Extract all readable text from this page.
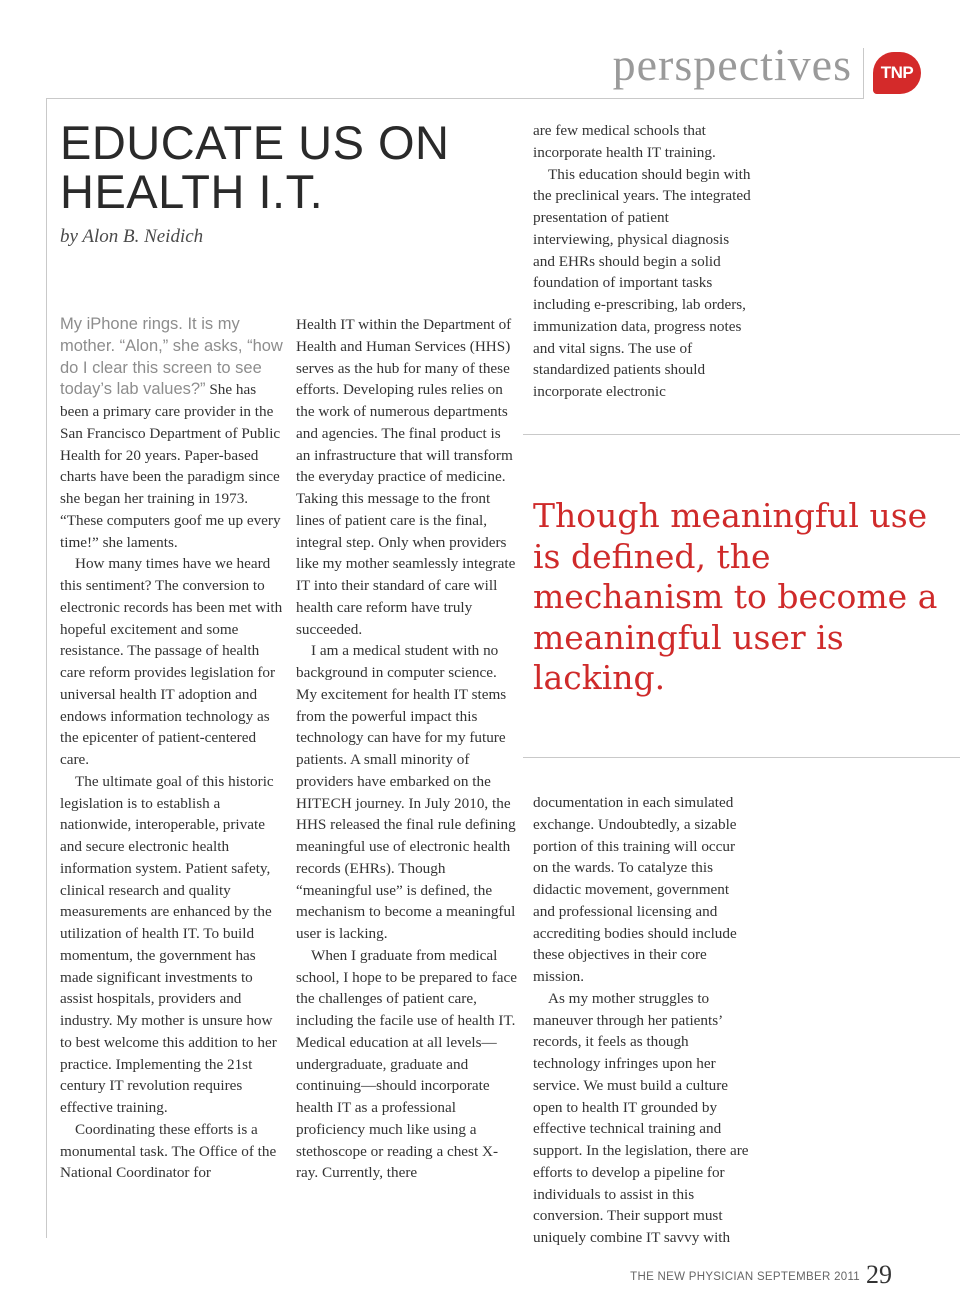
perspectives	TNP
EDUCATE US ON
HEALTH I.T.
by Alon B. Neidich

My iPhone rings. It is my mother. “Alon,” she asks, “how do I clear this screen to see today’s lab values?” She has been a primary care provider in the San Francisco Department of Public Health for 20 years. Paper-based charts have been the paradigm since she began her training in 1973. “These computers goof me up every time!” she laments.

How many times have we heard this sentiment? The conversion to electronic records has been met with hopeful excitement and some resistance. The passage of health care reform provides legislation for universal health IT adoption and endows information technology as the epicenter of patient-centered care.

The ultimate goal of this historic legislation is to establish a nationwide, interoperable, private and secure electronic health information system. Patient safety, clinical research and quality measurements are enhanced by the utilization of health IT. To build momentum, the government has made significant investments to assist hospitals, providers and industry. My mother is unsure how to best welcome this addition to her practice. Implementing the 21st century IT revolution requires effective training.

Coordinating these efforts is a monumental task. The Office of the National Coordinator for

Health IT within the Department of Health and Human Services (HHS) serves as the hub for many of these efforts. Developing rules relies on the work of numerous departments and agencies. The final product is an infrastructure that will transform the everyday practice of medicine. Taking this message to the front lines of patient care is the final, integral step. Only when providers like my mother seamlessly integrate IT into their standard of care will health care reform have truly succeeded.

I am a medical student with no background in computer science. My excitement for health IT stems from the powerful impact this technology can have for my future patients. A small minority of providers have embarked on the HITECH journey. In July 2010, the HHS released the final rule defining meaningful use of electronic health records (EHRs). Though “meaningful use” is defined, the mechanism to become a meaningful user is lacking.

When I graduate from medical school, I hope to be prepared to face the challenges of patient care, including the facile use of health IT. Medical education at all levels—undergraduate, graduate and continuing—should incorporate health IT as a professional proficiency much like using a stethoscope or reading a chest X-ray. Currently, there

are few medical schools that incorporate health IT training.

This education should begin with the preclinical years. The integrated presentation of patient interviewing, physical diagnosis and EHRs should begin a solid foundation of important tasks including e-prescribing, lab orders, immunization data, progress notes and vital signs. The use of standardized patients should incorporate electronic

Though meaningful use is defined, the mechanism to become a meaningful user is lacking.

documentation in each simulated exchange. Undoubtedly, a sizable portion of this training will occur on the wards. To catalyze this didactic movement, government and professional licensing and accrediting bodies should include these objectives in their core mission.

As my mother struggles to maneuver through her patients’ records, it feels as though technology infringes upon her service. We must build a culture open to health IT grounded by effective technical training and support. In the legislation, there are efforts to develop a pipeline for individuals to assist in this conversion. Their support must uniquely combine IT savvy with

THE NEW PHYSICIAN SEPTEMBER 2011 29
